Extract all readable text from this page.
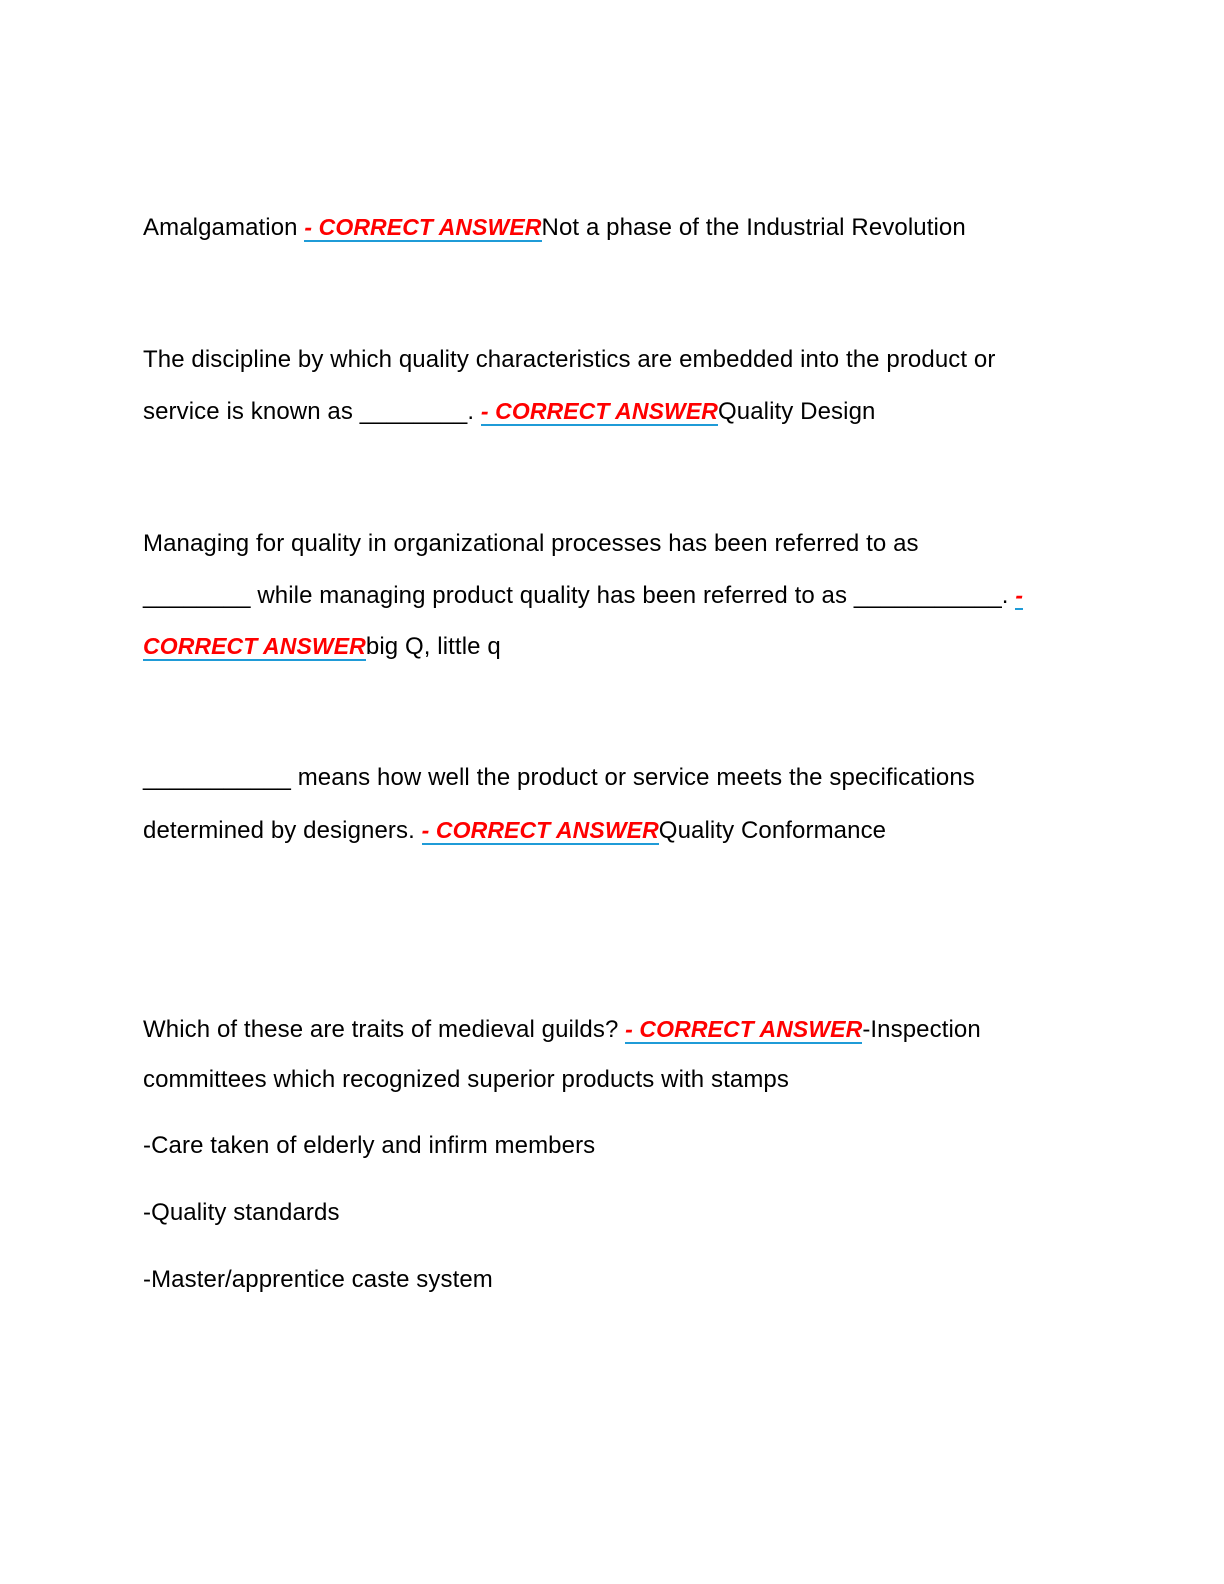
Amalgamation - CORRECT ANSWERNot a phase of the Industrial Revolution
The discipline by which quality characteristics are embedded into the product or
service is known as ________. - CORRECT ANSWERQuality Design
Managing for quality in organizational processes has been referred to as
________ while managing product quality has been referred to as ___________. -
CORRECT ANSWERbig Q, little q
___________ means how well the product or service meets the specifications
determined by designers. - CORRECT ANSWERQuality Conformance
Which of these are traits of medieval guilds? - CORRECT ANSWER-Inspection
committees which recognized superior products with stamps
-Care taken of elderly and infirm members
-Quality standards
-Master/apprentice caste system
